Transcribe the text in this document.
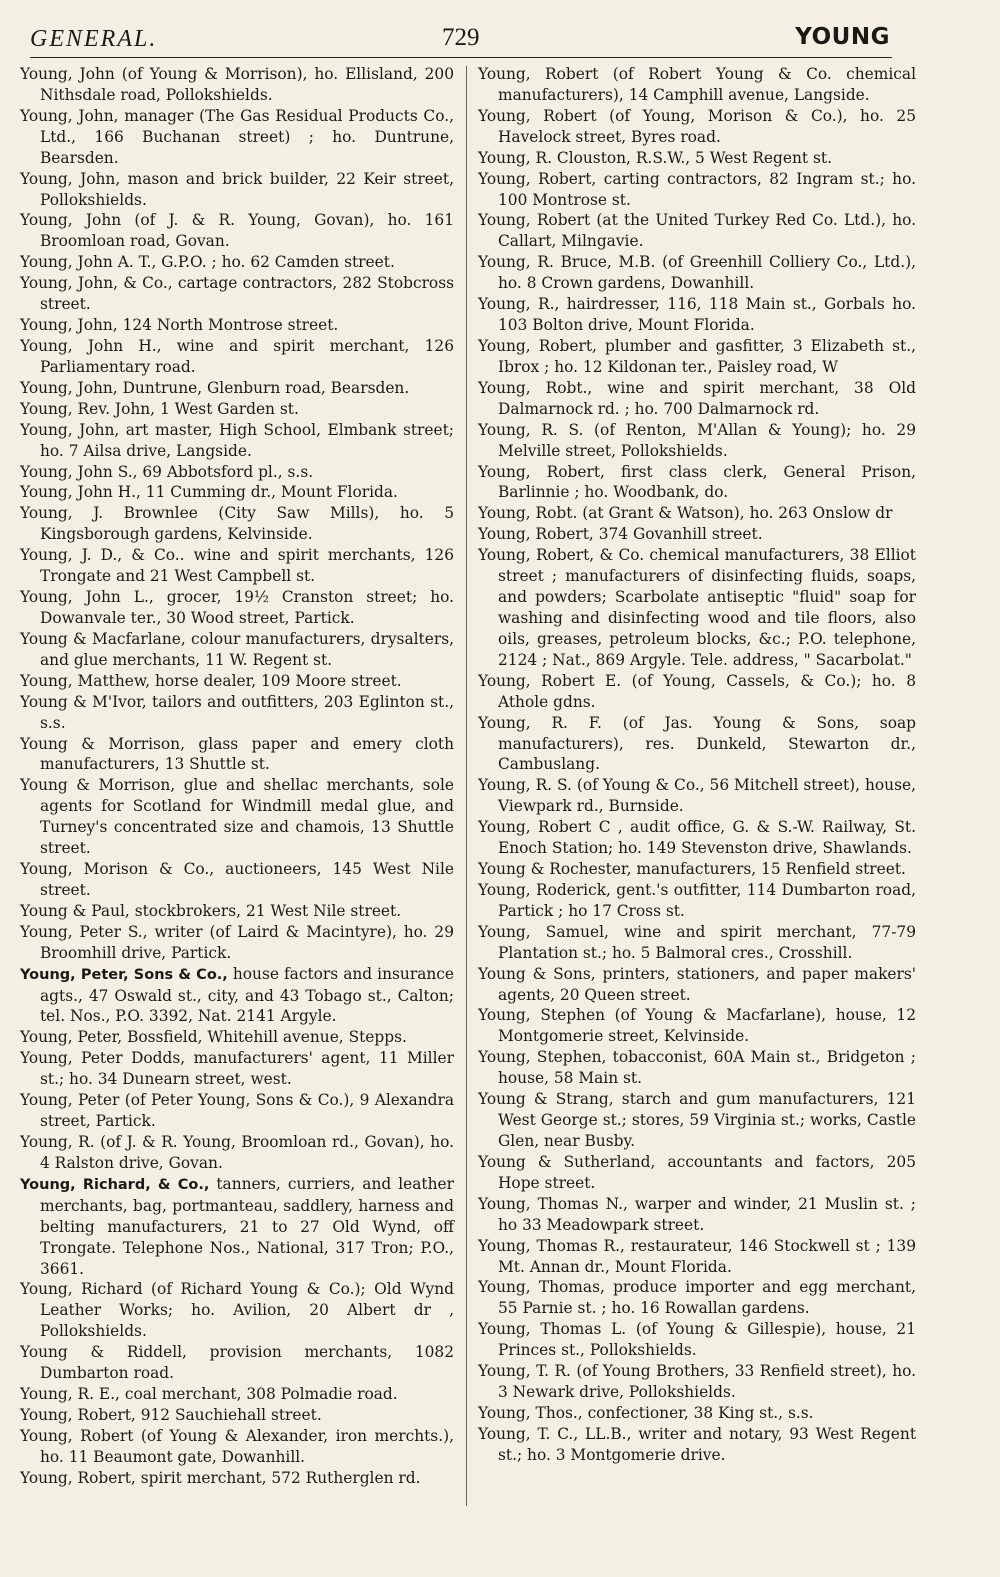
GENERAL.	729	YOUNG

Young, John (of Young & Morrison), ho. Ellisland, 200 Nithsdale road, Pollokshields.

Young, John, manager (The Gas Residual Products Co., Ltd., 166 Buchanan street) ; ho. Duntrune, Bearsden.

Young, John, mason and brick builder, 22 Keir street, Pollokshields.

Young, John (of J. & R. Young, Govan), ho. 161 Broomloan road, Govan.

Young, John A. T., G.P.O. ; ho. 62 Camden street.

Young, John, & Co., cartage contractors, 282 Stobcross street.

Young, John, 124 North Montrose street.

Young, John H., wine and spirit merchant, 126 Parliamentary road.

Young, John, Duntrune, Glenburn road, Bearsden.

Young, Rev. John, 1 West Garden st.

Young, John, art master, High School, Elmbank street; ho. 7 Ailsa drive, Langside.

Young, John S., 69 Abbotsford pl., s.s.

Young, John H., 11 Cumming dr., Mount Florida.

Young, J. Brownlee (City Saw Mills), ho. 5 Kingsborough gardens, Kelvinside.

Young, J. D., & Co.. wine and spirit merchants, 126 Trongate and 21 West Campbell st.

Young, John L., grocer, 19½ Cranston street; ho. Dowanvale ter., 30 Wood street, Partick.

Young & Macfarlane, colour manufacturers, drysalters, and glue merchants, 11 W. Regent st.

Young, Matthew, horse dealer, 109 Moore street.

Young & M'Ivor, tailors and outfitters, 203 Eglinton st., s.s.

Young & Morrison, glass paper and emery cloth manufacturers, 13 Shuttle st.

Young & Morrison, glue and shellac merchants, sole agents for Scotland for Windmill medal glue, and Turney's concentrated size and chamois, 13 Shuttle street.

Young, Morison & Co., auctioneers, 145 West Nile street.

Young & Paul, stockbrokers, 21 West Nile street.

Young, Peter S., writer (of Laird & Macintyre), ho. 29 Broomhill drive, Partick.

Young, Peter, Sons & Co., house factors and insurance agts., 47 Oswald st., city, and 43 Tobago st., Calton; tel. Nos., P.O. 3392, Nat. 2141 Argyle.

Young, Peter, Bossfield, Whitehill avenue, Stepps.

Young, Peter Dodds, manufacturers' agent, 11 Miller st.; ho. 34 Dunearn street, west.

Young, Peter (of Peter Young, Sons & Co.), 9 Alexandra street, Partick.

Young, R. (of J. & R. Young, Broomloan rd., Govan), ho. 4 Ralston drive, Govan.

Young, Richard, & Co., tanners, curriers, and leather merchants, bag, portmanteau, saddlery, harness and belting manufacturers, 21 to 27 Old Wynd, off Trongate. Telephone Nos., National, 317 Tron; P.O., 3661.

Young, Richard (of Richard Young & Co.); Old Wynd Leather Works; ho. Avilion, 20 Albert dr , Pollokshields.

Young & Riddell, provision merchants, 1082 Dumbarton road.

Young, R. E., coal merchant, 308 Polmadie road.

Young, Robert, 912 Sauchiehall street.

Young, Robert (of Young & Alexander, iron merchts.), ho. 11 Beaumont gate, Dowanhill.

Young, Robert, spirit merchant, 572 Rutherglen rd.

Young, Robert (of Robert Young & Co. chemical manufacturers), 14 Camphill avenue, Langside.

Young, Robert (of Young, Morison & Co.), ho. 25 Havelock street, Byres road.

Young, R. Clouston, R.S.W., 5 West Regent st.

Young, Robert, carting contractors, 82 Ingram st.; ho. 100 Montrose st.

Young, Robert (at the United Turkey Red Co. Ltd.), ho. Callart, Milngavie.

Young, R. Bruce, M.B. (of Greenhill Colliery Co., Ltd.), ho. 8 Crown gardens, Dowanhill.

Young, R., hairdresser, 116, 118 Main st., Gorbals ho. 103 Bolton drive, Mount Florida.

Young, Robert, plumber and gasfitter, 3 Elizabeth st., Ibrox ; ho. 12 Kildonan ter., Paisley road, W

Young, Robt., wine and spirit merchant, 38 Old Dalmarnock rd. ; ho. 700 Dalmarnock rd.

Young, R. S. (of Renton, M'Allan & Young); ho. 29 Melville street, Pollokshields.

Young, Robert, first class clerk, General Prison, Barlinnie ; ho. Woodbank, do.

Young, Robt. (at Grant & Watson), ho. 263 Onslow dr

Young, Robert, 374 Govanhill street.

Young, Robert, & Co. chemical manufacturers, 38 Elliot street ; manufacturers of disinfecting fluids, soaps, and powders; Scarbolate antiseptic "fluid" soap for washing and disinfecting wood and tile floors, also oils, greases, petroleum blocks, &c.; P.O. telephone, 2124 ; Nat., 869 Argyle. Tele. address, " Sacarbolat."

Young, Robert E. (of Young, Cassels, & Co.); ho. 8 Athole gdns.

Young, R. F. (of Jas. Young & Sons, soap manufacturers), res. Dunkeld, Stewarton dr., Cambuslang.

Young, R. S. (of Young & Co., 56 Mitchell street), house, Viewpark rd., Burnside.

Young, Robert C , audit office, G. & S.-W. Railway, St. Enoch Station; ho. 149 Stevenston drive, Shawlands.

Young & Rochester, manufacturers, 15 Renfield street.

Young, Roderick, gent.'s outfitter, 114 Dumbarton road, Partick ; ho 17 Cross st.

Young, Samuel, wine and spirit merchant, 77-79 Plantation st.; ho. 5 Balmoral cres., Crosshill.

Young & Sons, printers, stationers, and paper makers' agents, 20 Queen street.

Young, Stephen (of Young & Macfarlane), house, 12 Montgomerie street, Kelvinside.

Young, Stephen, tobacconist, 60A Main st., Bridgeton ; house, 58 Main st.

Young & Strang, starch and gum manufacturers, 121 West George st.; stores, 59 Virginia st.; works, Castle Glen, near Busby.

Young & Sutherland, accountants and factors, 205 Hope street.

Young, Thomas N., warper and winder, 21 Muslin st. ; ho 33 Meadowpark street.

Young, Thomas R., restaurateur, 146 Stockwell st ; 139 Mt. Annan dr., Mount Florida.

Young, Thomas, produce importer and egg merchant, 55 Parnie st. ; ho. 16 Rowallan gardens.

Young, Thomas L. (of Young & Gillespie), house, 21 Princes st., Pollokshields.

Young, T. R. (of Young Brothers, 33 Renfield street), ho. 3 Newark drive, Pollokshields.

Young, Thos., confectioner, 38 King st., s.s.

Young, T. C., LL.B., writer and notary, 93 West Regent st.; ho. 3 Montgomerie drive.
